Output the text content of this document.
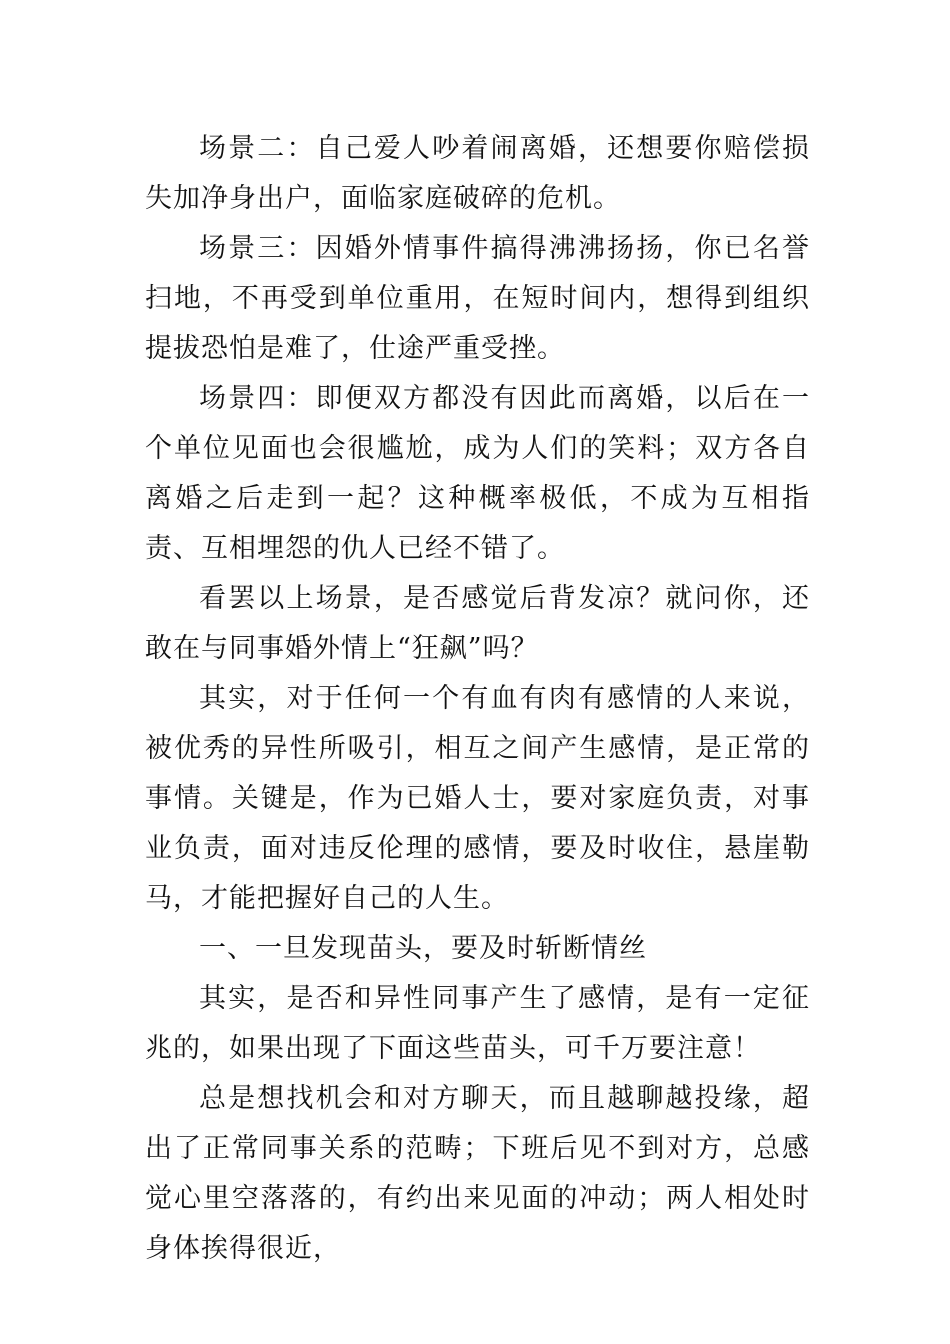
场景二：自己爱人吵着闹离婚，还想要你赔偿损失加净身出户，面临家庭破碎的危机。

场景三：因婚外情事件搞得沸沸扬扬，你已名誉扫地，不再受到单位重用，在短时间内，想得到组织提拔恐怕是难了，仕途严重受挫。

场景四：即便双方都没有因此而离婚，以后在一个单位见面也会很尴尬，成为人们的笑料；双方各自离婚之后走到一起？这种概率极低，不成为互相指责、互相埋怨的仇人已经不错了。

看罢以上场景，是否感觉后背发凉？就问你，还敢在与同事婚外情上“狂飙”吗？

其实，对于任何一个有血有肉有感情的人来说，被优秀的异性所吸引，相互之间产生感情，是正常的事情。关键是，作为已婚人士，要对家庭负责，对事业负责，面对违反伦理的感情，要及时收住，悬崖勒马，才能把握好自己的人生。

一、一旦发现苗头，要及时斩断情丝

其实，是否和异性同事产生了感情，是有一定征兆的，如果出现了下面这些苗头，可千万要注意！

总是想找机会和对方聊天，而且越聊越投缘，超出了正常同事关系的范畴；下班后见不到对方，总感觉心里空落落的，有约出来见面的冲动；两人相处时身体挨得很近，
